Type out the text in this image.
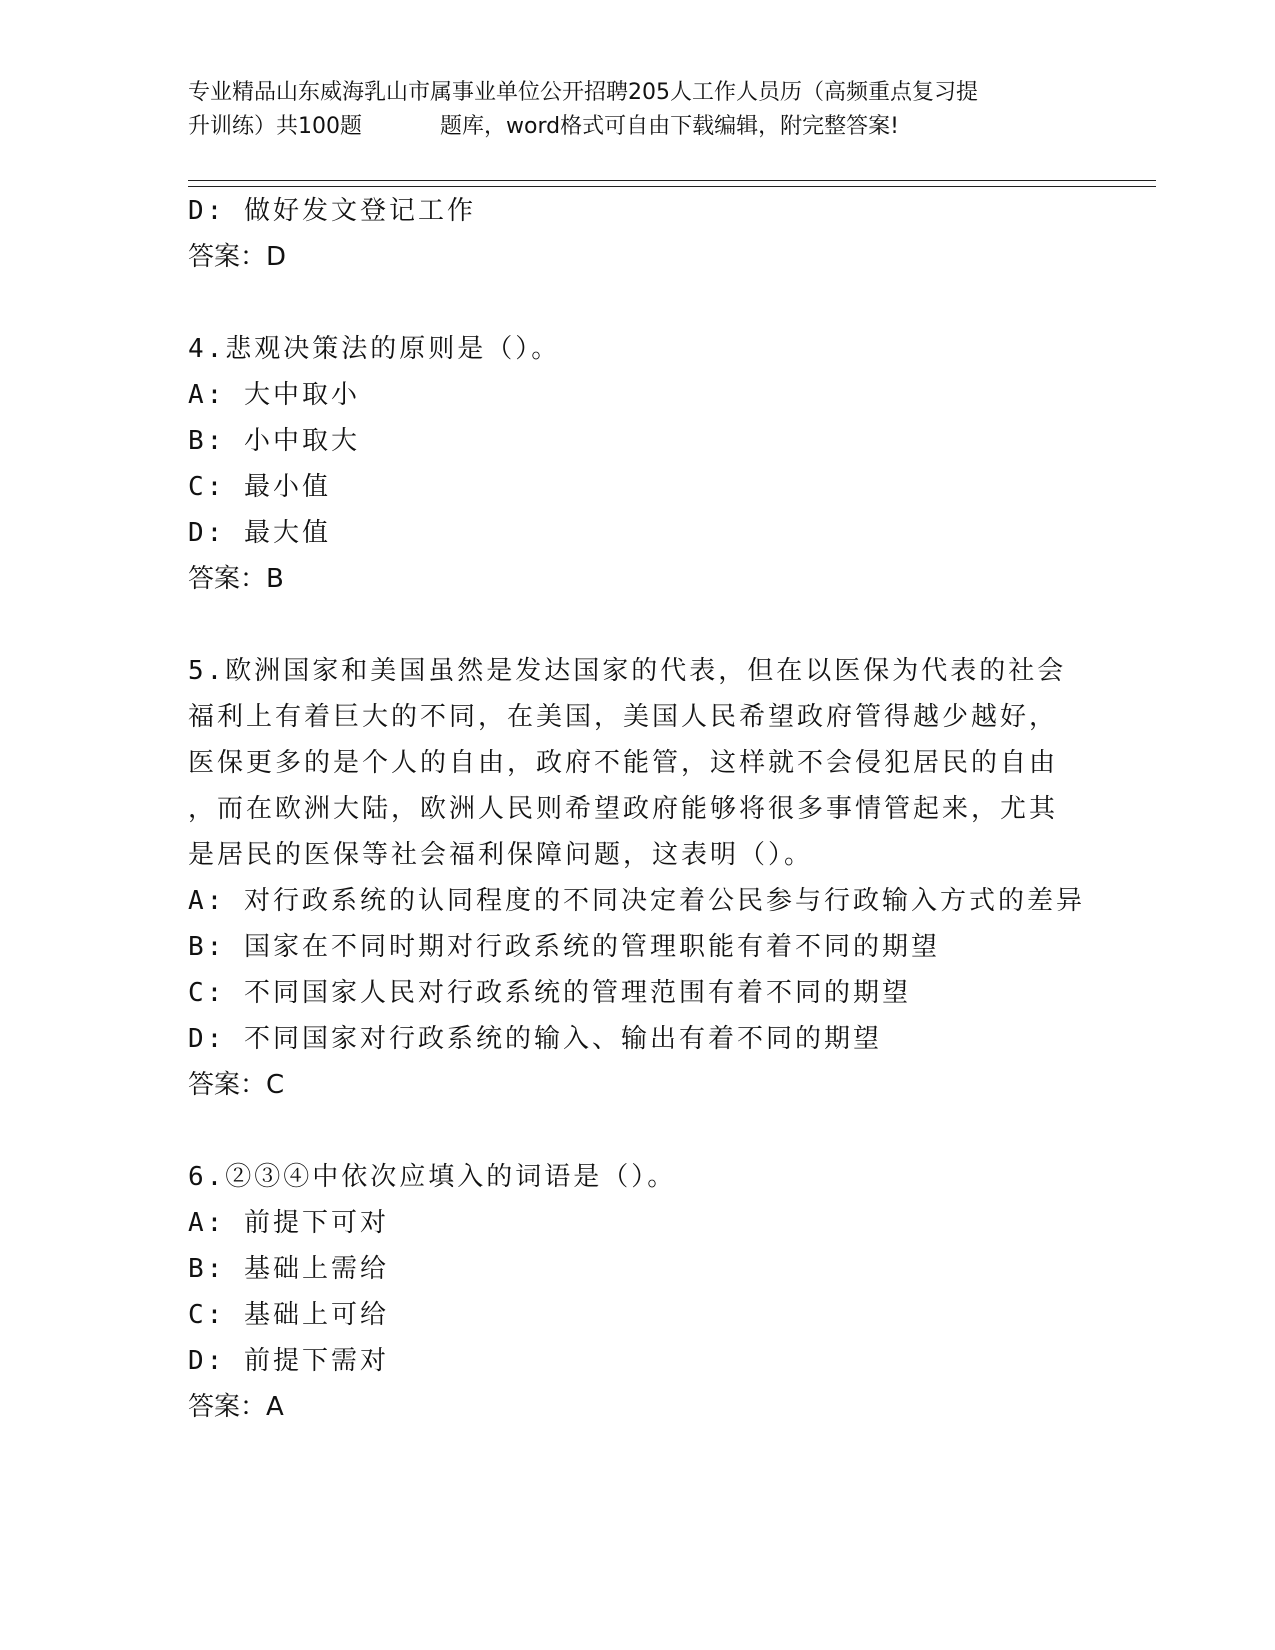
专业精品山东威海乳山市属事业单位公开招聘205人工作人员历（高频重点复习提
升训练）共100题	题库，word格式可自由下载编辑，附完整答案!
D: 做好发文登记工作
答案：D
4.悲观决策法的原则是（）。
A: 大中取小
B: 小中取大
C: 最小值
D: 最大值
答案：B
5.欧洲国家和美国虽然是发达国家的代表，但在以医保为代表的社会
福利上有着巨大的不同，在美国，美国人民希望政府管得越少越好，
医保更多的是个人的自由，政府不能管，这样就不会侵犯居民的自由
，而在欧洲大陆，欧洲人民则希望政府能够将很多事情管起来，尤其
是居民的医保等社会福利保障问题，这表明（）。
A: 对行政系统的认同程度的不同决定着公民参与行政输入方式的差异
B: 国家在不同时期对行政系统的管理职能有着不同的期望
C: 不同国家人民对行政系统的管理范围有着不同的期望
D: 不同国家对行政系统的输入、输出有着不同的期望
答案：C
6.②③④中依次应填入的词语是（）。
A: 前提下可对
B: 基础上需给
C: 基础上可给
D: 前提下需对
答案：A
